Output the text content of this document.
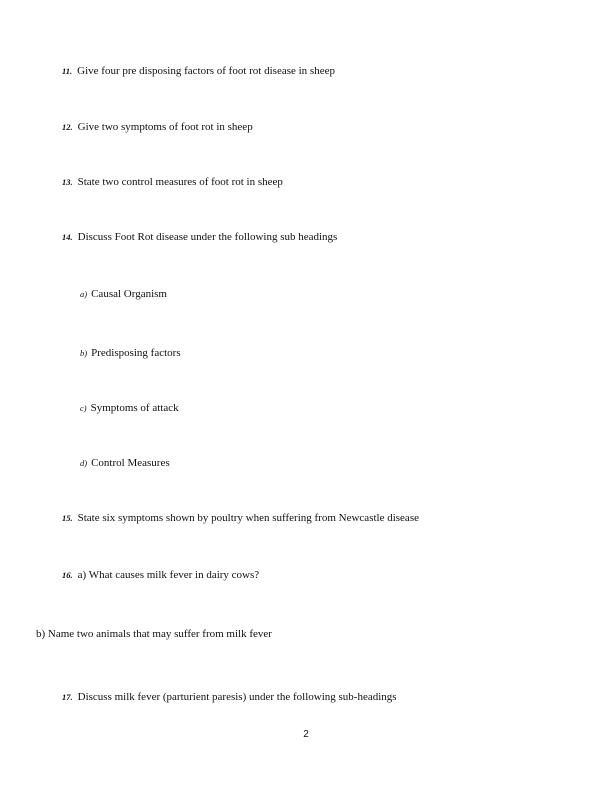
11. Give four pre disposing factors of foot rot disease in sheep
12. Give two symptoms of foot rot in sheep
13. State two control measures of foot rot in sheep
14. Discuss Foot Rot disease under the following sub headings
a) Causal Organism
b) Predisposing factors
c) Symptoms of attack
d) Control Measures
15. State six symptoms shown by poultry when suffering from Newcastle disease
16. a) What causes milk fever in dairy cows?
b) Name two animals that may suffer from milk fever
17. Discuss milk fever (parturient paresis) under the following sub-headings
2
